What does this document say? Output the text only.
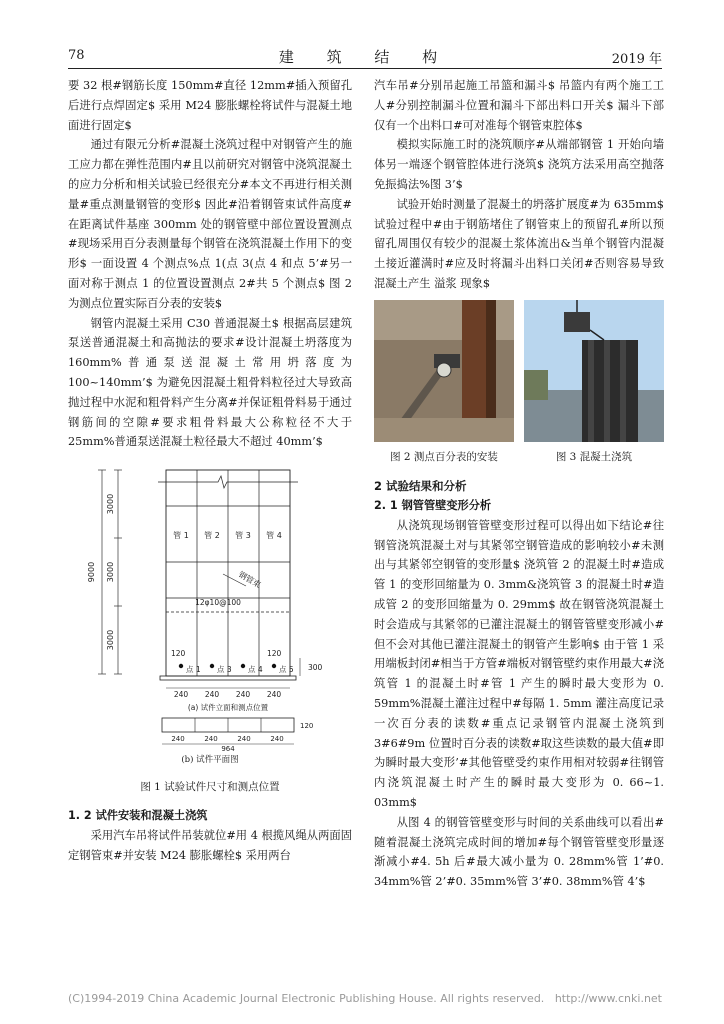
78	建 筑 结 构	2019 年

要 32 根#钢筋长度 150mm#直径 12mm#插入预留孔后进行点焊固定$ 采用 M24 膨胀螺栓将试件与混凝土地面进行固定$

通过有限元分析#混凝土浇筑过程中对钢管产生的施工应力都在弹性范围内#且以前研究对钢管中浇筑混凝土的应力分析和相关试验已经很充分#本文不再进行相关测量#重点测量钢管的变形$ 因此#沿着钢管束试件高度#在距离试件基座 300mm 处的钢管壁中部位置设置测点#现场采用百分表测量每个钢管在浇筑混凝土作用下的变形$ 一面设置 4 个测点%点 1(点 3(点 4 和点 5’#另一面对称于测点 1 的位置设置测点 2#共 5 个测点$ 图 2 为测点位置实际百分表的安装$

钢管内混凝土采用 C30 普通混凝土$ 根据高层建筑泵送普通混凝土和高抛法的要求#设计混凝土坍落度为 160mm%普通泵送混凝土常用坍落度为 100~140mm’$ 为避免因混凝土粗骨料粒径过大导致高抛过程中水泥和粗骨料产生分离#并保证粗骨料易于通过钢筋间的空隙#要求粗骨料最大公称粒径不大于 25mm%普通泵送混凝土粒径最大不超过 40mm’$

9000
3000
3000
3000
管 1 管 2 管 3 管 4
钢管束
12φ10@100
300
120	120
点 1 点 3 点 4 点 5
240 240 240 240
(a) 试件立面和测点位置
120
240	240	240	240
964
(b) 试件平面图
图 1 试验试件尺寸和测点位置
1. 2 试件安装和混凝土浇筑

采用汽车吊将试件吊装就位#用 4 根揽风绳从两面固定钢管束#并安装 M24 膨胀螺栓$ 采用两台

汽车吊#分别吊起施工吊篮和漏斗$ 吊篮内有两个施工工人#分别控制漏斗位置和漏斗下部出料口开关$ 漏斗下部仅有一个出料口#可对准每个钢管束腔体$

模拟实际施工时的浇筑顺序#从端部钢管 1 开始向墙体另一端逐个钢管腔体进行浇筑$ 浇筑方法采用高空抛落免振捣法%图 3’$

试验开始时测量了混凝土的坍落扩展度#为 635mm$ 试验过程中#由于钢筋堵住了钢管束上的预留孔#所以预留孔周围仅有较少的混凝土浆体流出&当单个钢管内混凝土接近灌满时#应及时将漏斗出料口关闭#否则容易导致混凝土产生 溢浆 现象$

图 2 测点百分表的安装	图 3 混凝土浇筑
2 试验结果和分析
2. 1 钢管管壁变形分析

从浇筑现场钢管管壁变形过程可以得出如下结论#往钢管浇筑混凝土对与其紧邻空钢管造成的影响较小#未测出与其紧邻空钢管的变形量$ 浇筑管 2 的混凝土时#造成管 1 的变形回缩量为 0. 3mm&浇筑管 3 的混凝土时#造成管 2 的变形回缩量为 0. 29mm$ 故在钢管浇筑混凝土时会造成与其紧邻的已灌注混凝土的钢管管壁变形减小#但不会对其他已灌注混凝土的钢管产生影响$ 由于管 1 采用端板封闭#相当于方管#端板对钢管壁约束作用最大#浇筑管 1 的混凝土时#管 1 产生的瞬时最大变形为 0. 59mm%混凝土灌注过程中#每隔 1. 5mm 灌注高度记录一次百分表的读数#重点记录钢管内混凝土浇筑到 3#6#9m 位置时百分表的读数#取这些读数的最大值#即为瞬时最大变形’#其他管壁受约束作用相对较弱#往钢管内浇筑混凝土时产生的瞬时最大变形为 0. 66~1. 03mm$

从图 4 的钢管管壁变形与时间的关系曲线可以看出#随着混凝土浇筑完成时间的增加#每个钢管管壁变形量逐渐减小#4. 5h 后#最大减小量为 0. 28mm%管 1’#0. 34mm%管 2’#0. 35mm%管 3’#0. 38mm%管 4’$

(C)1994-2019 China Academic Journal Electronic Publishing House. All rights reserved. http://www.cnki.net
